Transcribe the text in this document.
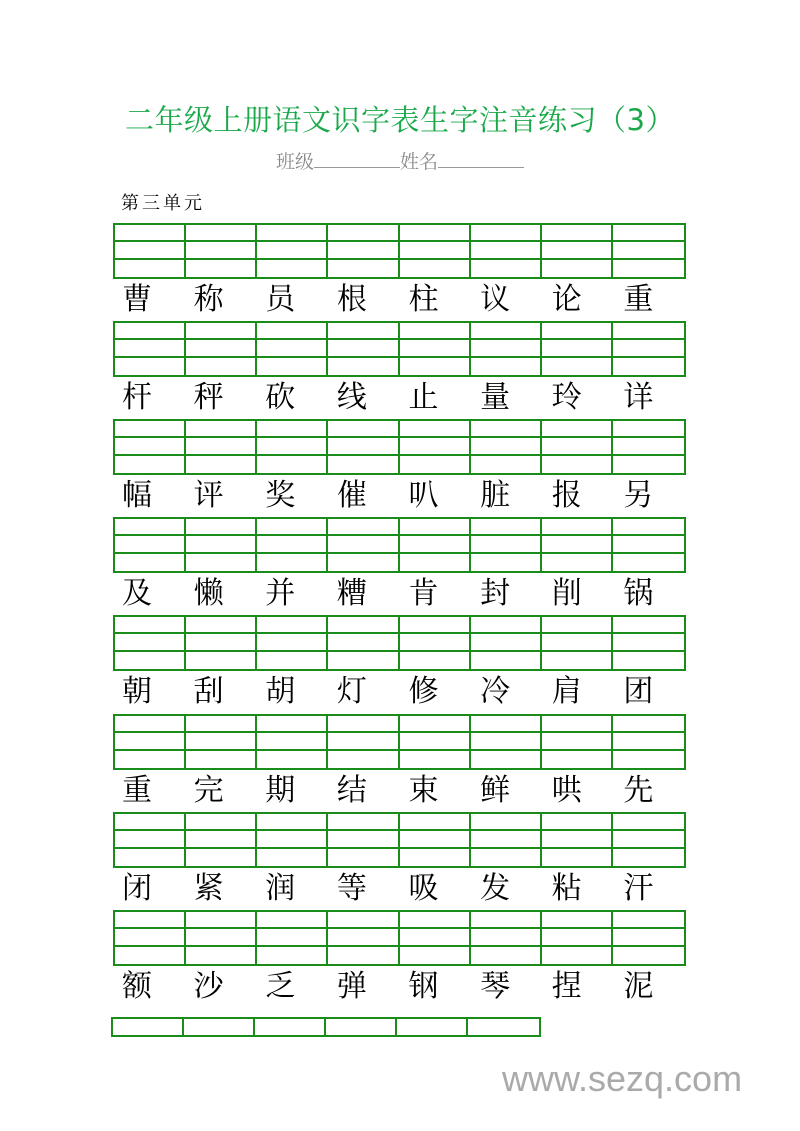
二年级上册语文识字表生字注音练习（3）
班级	姓名
第三单元
曹	称	员	根	柱	议	论	重
杆	秤	砍	线	止	量	玲	详
幅	评	奖	催	叭	脏	报	另
及	懒	并	糟	肯	封	削	锅
朝	刮	胡	灯	修	冷	肩	团
重	完	期	结	束	鲜	哄	先
闭	紧	润	等	吸	发	粘	汗
额	沙	乏	弹	钢	琴	捏	泥
www.sezq.com
